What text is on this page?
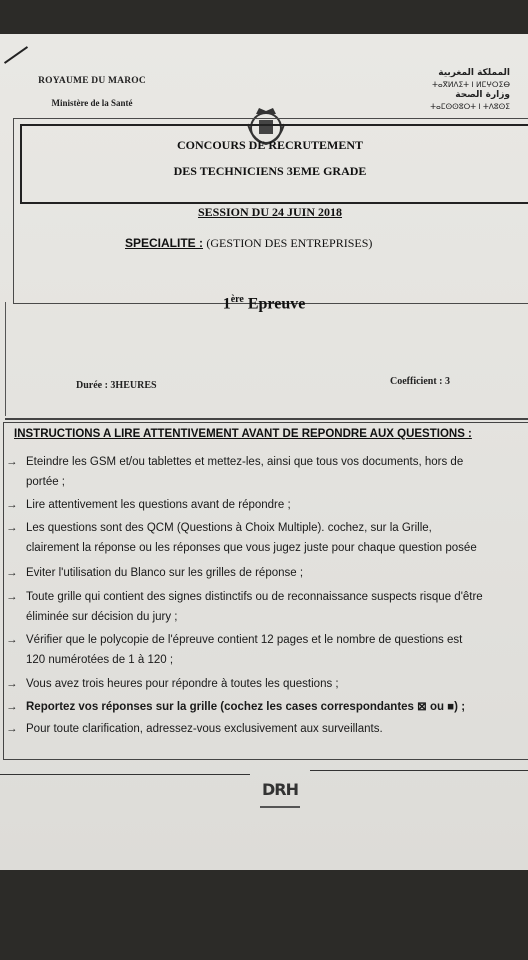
ROYAUME DU MAROC
Ministère de la Santé
المملكة المغربية
ⵜⴰⴳⵍⴷⵉⵜ ⵏ ⵍⵎⵖⵔⵉⴱ
وزارة الصحة
ⵜⴰⵎⵙⵙⵓⵔⵜ ⵏ ⵜⴷⵓⵙⵉ
CONCOURS DE RECRUTEMENT
DES TECHNICIENS 3EME GRADE
SESSION DU 24 JUIN 2018
SPECIALITE : (GESTION DES ENTREPRISES)
1ère Epreuve
Durée : 3HEURES	Coefficient : 3
INSTRUCTIONS A LIRE ATTENTIVEMENT AVANT DE REPONDRE AUX QUESTIONS :
→ Eteindre les GSM et/ou tablettes et mettez-les, ainsi que tous vos documents, hors de
portée ;
→ Lire attentivement les questions avant de répondre ;
→ Les questions sont des QCM (Questions à Choix Multiple). cochez, sur la Grille,
clairement la réponse ou les réponses que vous jugez juste pour chaque question posée
→ Eviter l'utilisation du Blanco sur les grilles de réponse ;
→ Toute grille qui contient des signes distinctifs ou de reconnaissance suspects risque d'être
éliminée sur décision du jury ;
→ Vérifier que le polycopie de l'épreuve contient 12 pages et le nombre de questions est
120 numérotées de 1 à 120 ;
→ Vous avez trois heures pour répondre à toutes les questions ;
→ Reportez vos réponses sur la grille (cochez les cases correspondantes ⊠ ou ■) ;
→ Pour toute clarification, adressez-vous exclusivement aux surveillants.
DRH
